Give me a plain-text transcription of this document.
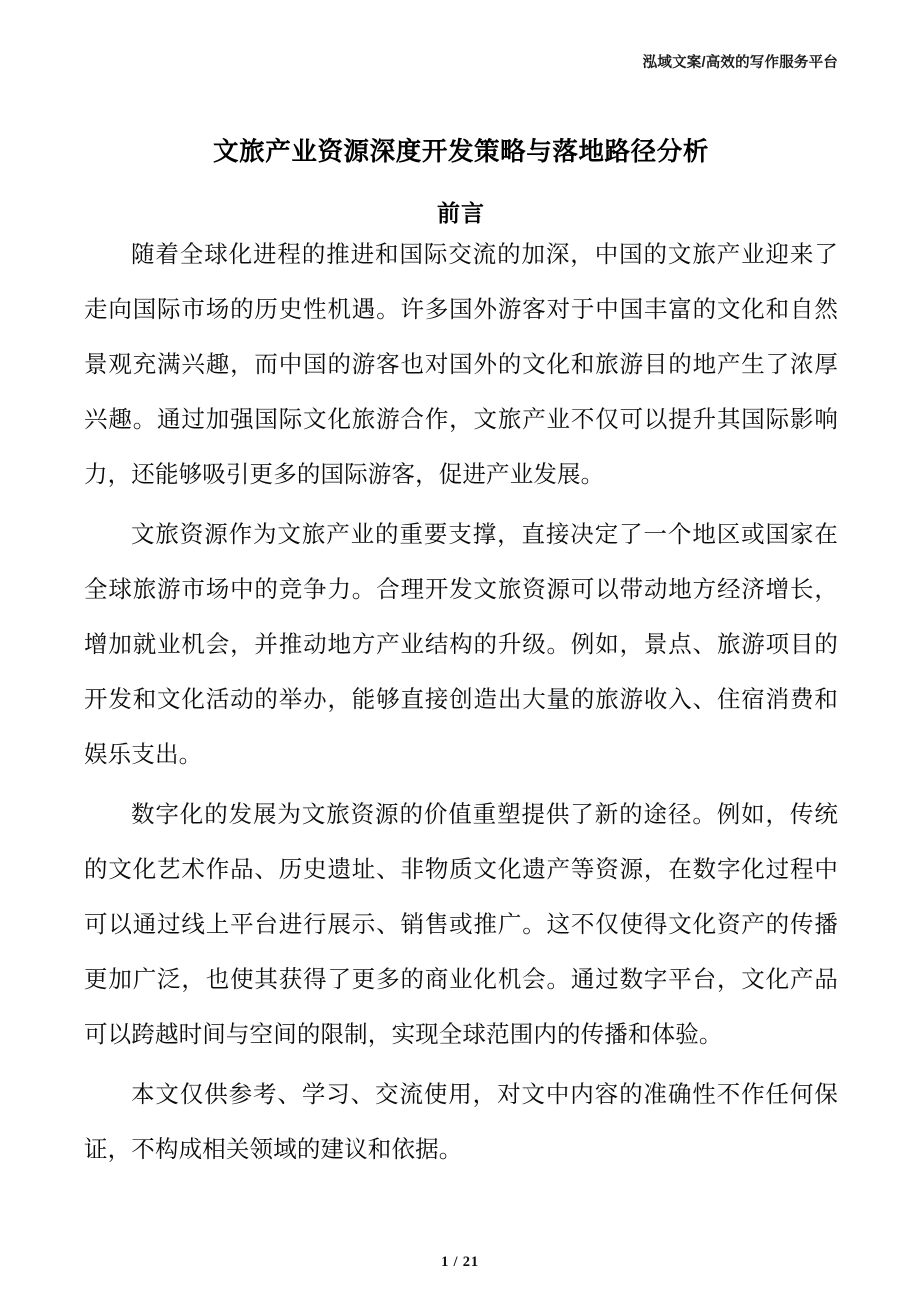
泓域文案/高效的写作服务平台
文旅产业资源深度开发策略与落地路径分析
前言

随着全球化进程的推进和国际交流的加深，中国的文旅产业迎来了走向国际市场的历史性机遇。许多国外游客对于中国丰富的文化和自然景观充满兴趣，而中国的游客也对国外的文化和旅游目的地产生了浓厚兴趣。通过加强国际文化旅游合作，文旅产业不仅可以提升其国际影响力，还能够吸引更多的国际游客，促进产业发展。

文旅资源作为文旅产业的重要支撑，直接决定了一个地区或国家在全球旅游市场中的竞争力。合理开发文旅资源可以带动地方经济增长，增加就业机会，并推动地方产业结构的升级。例如，景点、旅游项目的开发和文化活动的举办，能够直接创造出大量的旅游收入、住宿消费和娱乐支出。

数字化的发展为文旅资源的价值重塑提供了新的途径。例如，传统的文化艺术作品、历史遗址、非物质文化遗产等资源，在数字化过程中可以通过线上平台进行展示、销售或推广。这不仅使得文化资产的传播更加广泛，也使其获得了更多的商业化机会。通过数字平台，文化产品可以跨越时间与空间的限制，实现全球范围内的传播和体验。

本文仅供参考、学习、交流使用，对文中内容的准确性不作任何保证，不构成相关领域的建议和依据。

1 / 21
